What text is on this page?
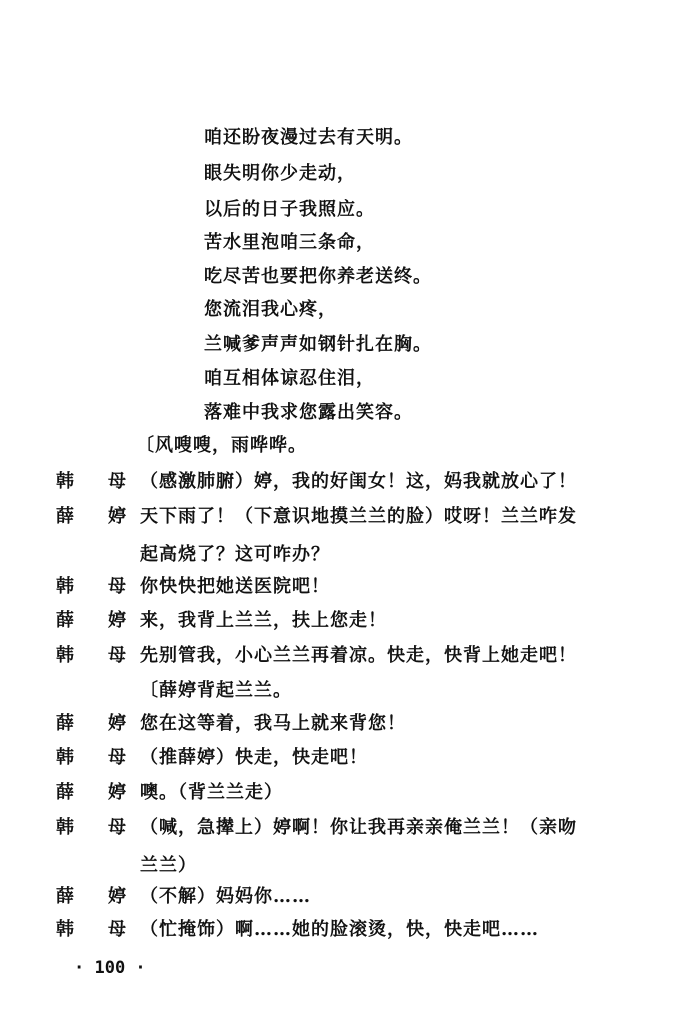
咱还盼夜漫过去有天明。
眼失明你少走动，
以后的日子我照应。
苦水里泡咱三条命，
吃尽苦也要把你养老送终。
您流泪我心疼，
兰喊爹声声如钢针扎在胸。
咱互相体谅忍住泪，
落难中我求您露出笑容。
〔风嗖嗖，雨哗哗。
韩 母 （感激肺腑）婷，我的好闺女！这，妈我就放心了！
薛 婷 天下雨了！（下意识地摸兰兰的脸）哎呀！兰兰咋发起高烧了？这可咋办？
韩 母 你快快把她送医院吧！
薛 婷 来，我背上兰兰，扶上您走！
韩 母 先别管我，小心兰兰再着凉。快走，快背上她走吧！
〔薛婷背起兰兰。
薛 婷 您在这等着，我马上就来背您！
韩 母 （推薛婷）快走，快走吧！
薛 婷 噢。（背兰兰走）
韩 母 （喊，急撵上）婷啊！你让我再亲亲俺兰兰！（亲吻兰兰）
薛 婷 （不解）妈妈你……
韩 母 （忙掩饰）啊……她的脸滚烫，快，快走吧……
· 100 ·
